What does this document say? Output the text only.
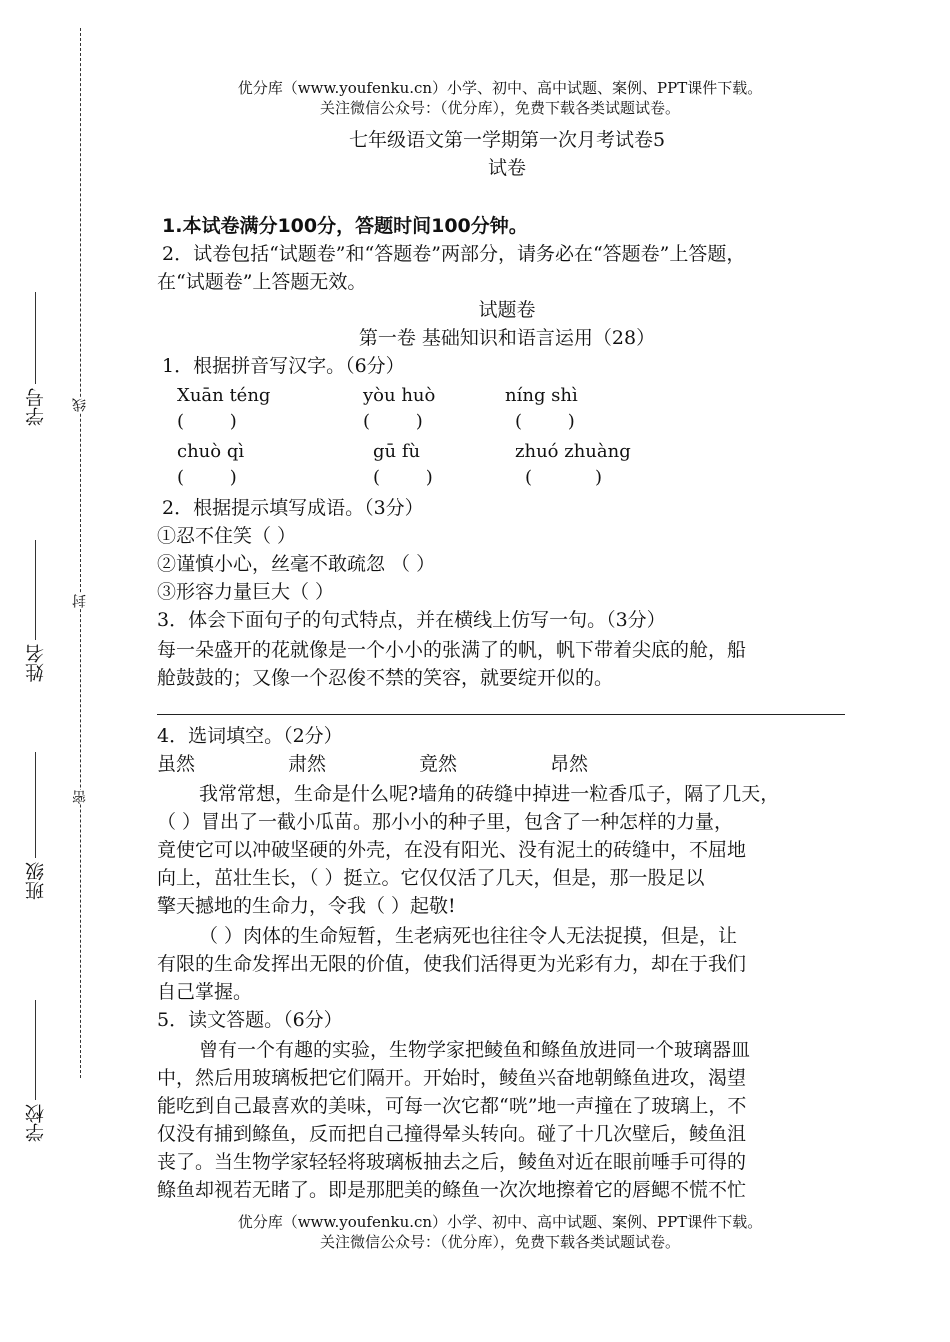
线
封
密
学号
姓名
班级
学校
优分库（www.youfenku.cn）小学、初中、高中试题、案例、PPT课件下载。
关注微信公众号：（优分库），免费下载各类试题试卷。
七年级语文第一学期第一次月考试卷5
试卷
1.本试卷满分100分，答题时间100分钟。
2．试卷包括“试题卷”和“答题卷”两部分，请务必在“答题卷”上答题，
在“试题卷”上答题无效。
试题卷
第一卷 基础知识和语言运用（28）
1．根据拼音写汉字。（6分）
Xuān téng	yòu huò	níng shì
(        )	(        )	(        )
chuò qì	gū fù	zhuó zhuàng
(        )	(        )	(           )
2．根据提示填写成语。（3分）
①忍不住笑（ ）
②谨慎小心，丝毫不敢疏忽 （ ）
③形容力量巨大（ ）
3．体会下面句子的句式特点，并在横线上仿写一句。（3分）
每一朵盛开的花就像是一个小小的张满了的帆，帆下带着尖底的舱，船
舱鼓鼓的；又像一个忍俊不禁的笑容，就要绽开似的。
4．选词填空。（2分）
虽然	肃然	竟然	昂然
我常常想，生命是什么呢?墙角的砖缝中掉进一粒香瓜子，隔了几天，
（ ）冒出了一截小瓜苗。那小小的种子里，包含了一种怎样的力量，
竟使它可以冲破坚硬的外壳，在没有阳光、没有泥土的砖缝中，不屈地
向上，茁壮生长，（ ）挺立。它仅仅活了几天，但是，那一股足以
擎天撼地的生命力，令我（ ）起敬!
（ ）肉体的生命短暂，生老病死也往往令人无法捉摸，但是，让
有限的生命发挥出无限的价值，使我们活得更为光彩有力，却在于我们
自己掌握。
5．读文答题。（6分）
曾有一个有趣的实验，生物学家把鲮鱼和鲦鱼放进同一个玻璃器皿
中，然后用玻璃板把它们隔开。开始时，鲮鱼兴奋地朝鲦鱼进攻，渴望
能吃到自己最喜欢的美味，可每一次它都“咣”地一声撞在了玻璃上，不
仅没有捕到鲦鱼，反而把自己撞得晕头转向。碰了十几次壁后，鲮鱼沮
丧了。当生物学家轻轻将玻璃板抽去之后，鲮鱼对近在眼前唾手可得的
鲦鱼却视若无睹了。即是那肥美的鲦鱼一次次地擦着它的唇鳃不慌不忙
优分库（www.youfenku.cn）小学、初中、高中试题、案例、PPT课件下载。
关注微信公众号：（优分库），免费下载各类试题试卷。
